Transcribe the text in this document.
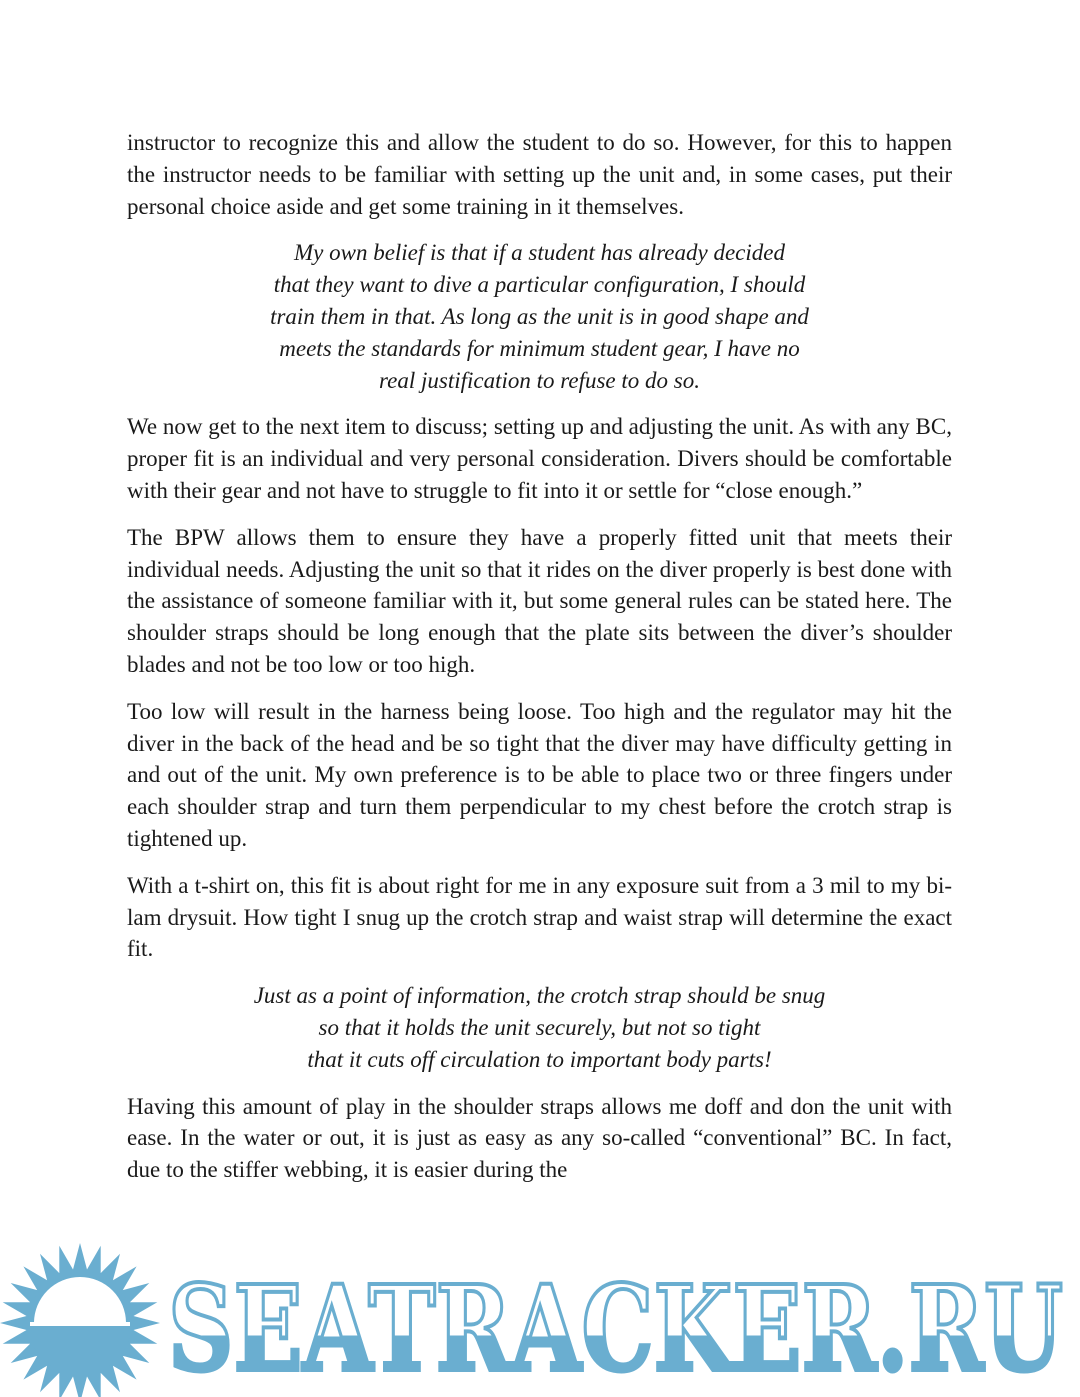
instructor to recognize this and allow the student to do so. However, for this to happen the instructor needs to be familiar with setting up the unit and, in some cases, put their personal choice aside and get some training in it themselves.

My own belief is that if a student has already decided
that they want to dive a particular configuration, I should
train them in that. As long as the unit is in good shape and
meets the standards for minimum student gear, I have no
real justification to refuse to do so.

We now get to the next item to discuss; setting up and adjusting the unit. As with any BC, proper fit is an individual and very personal consideration. Divers should be comfortable with their gear and not have to struggle to fit into it or settle for “close enough.”

The BPW allows them to ensure they have a properly fitted unit that meets their individual needs. Adjusting the unit so that it rides on the diver properly is best done with the assistance of someone familiar with it, but some general rules can be stated here. The shoulder straps should be long enough that the plate sits between the diver’s shoulder blades and not be too low or too high.

Too low will result in the harness being loose. Too high and the regulator may hit the diver in the back of the head and be so tight that the diver may have difficulty getting in and out of the unit. My own preference is to be able to place two or three fingers under each shoulder strap and turn them perpendicular to my chest before the crotch strap is tightened up.

With a t-shirt on, this fit is about right for me in any exposure suit from a 3 mil to my bi-lam drysuit. How tight I snug up the crotch strap and waist strap will determine the exact fit.

Just as a point of information, the crotch strap should be snug
so that it holds the unit securely, but not so tight
that it cuts off circulation to important body parts!

Having this amount of play in the shoulder straps allows me doff and don the unit with ease. In the water or out, it is just as easy as any so-called “conventional” BC. In fact, due to the stiffer webbing, it is easier during the

SEATRACKER.RU
